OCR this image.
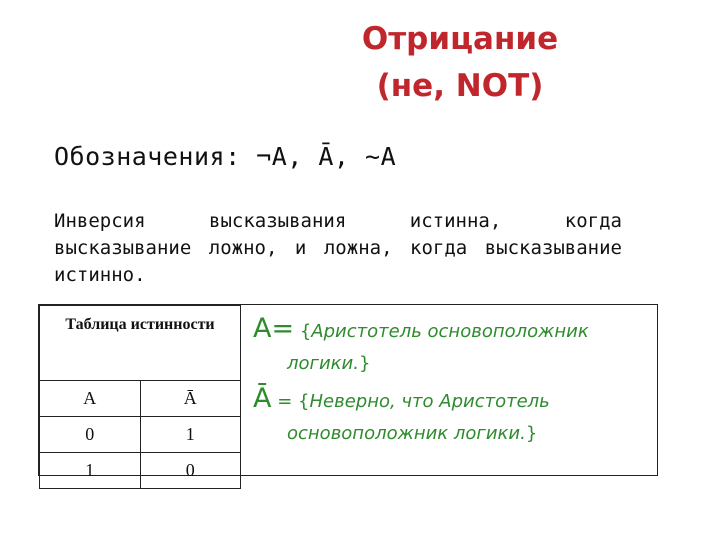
Отрицание
(не, NOT)
Обозначения: ¬A, Ā, ~A
Инверсия высказывания истинна, когда высказывание ложно, и ложна, когда высказывание истинно.
Таблица истинности	
A	Ā
0	1
1	0
A= {Аристотель основоположник
логики.}
Ā = {Неверно, что Аристотель
основоположник логики.}
